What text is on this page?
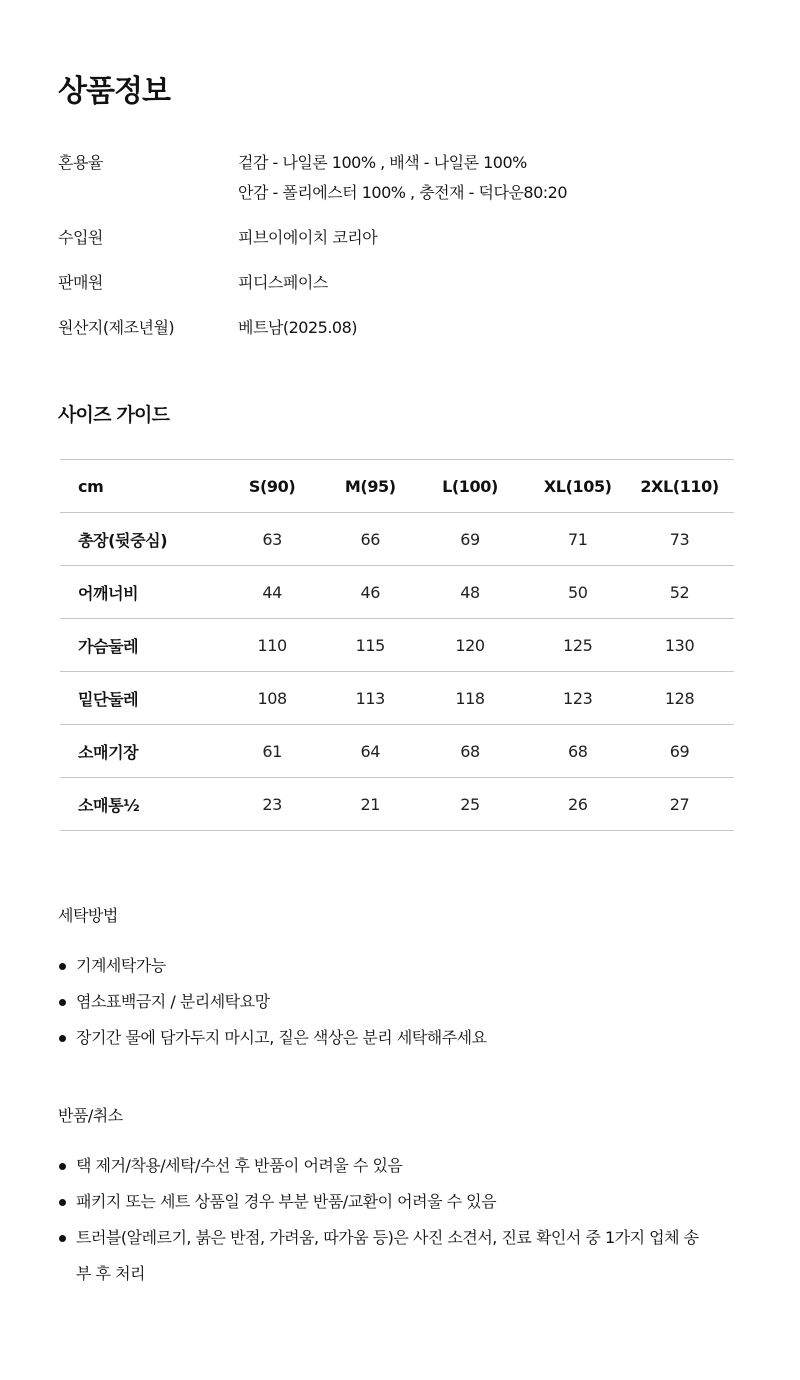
상품정보
혼용율	겉감 - 나일론 100% , 배색 - 나일론 100%
안감 - 폴리에스터 100% , 충전재 - 덕다운80:20
수입원	피브이에이치 코리아
판매원	피디스페이스
원산지(제조년월)	베트남(2025.08)
사이즈 가이드
cm	S(90)	M(95)	L(100)	XL(105)	2XL(110)
총장(뒷중심)	63	66	69	71	73
어깨너비	44	46	48	50	52
가슴둘레	110	115	120	125	130
밑단둘레	108	113	118	123	128
소매기장	61	64	68	68	69
소매통½	23	21	25	26	27
세탁방법
기계세탁가능
염소표백금지 / 분리세탁요망
장기간 물에 담가두지 마시고, 짙은 색상은 분리 세탁해주세요
반품/취소
택 제거/착용/세탁/수선 후 반품이 어려울 수 있음
패키지 또는 세트 상품일 경우 부분 반품/교환이 어려울 수 있음
트러블(알레르기, 붉은 반점, 가려움, 따가움 등)은 사진 소견서, 진료 확인서 중 1가지 업체 송부 후 처리
